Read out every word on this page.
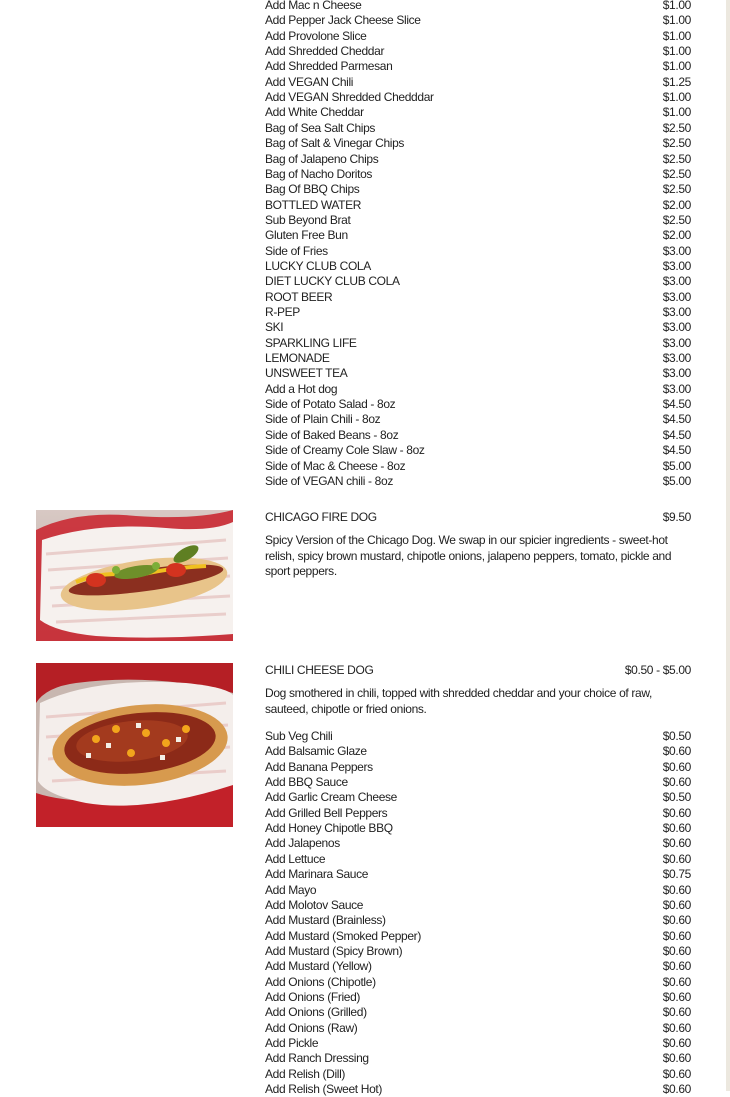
Add Mac n Cheese	$1.00
Add Pepper Jack Cheese Slice	$1.00
Add Provolone Slice	$1.00
Add Shredded Cheddar	$1.00
Add Shredded Parmesan	$1.00
Add VEGAN Chili	$1.25
Add VEGAN Shredded Chedddar	$1.00
Add White Cheddar	$1.00
Bag of Sea Salt Chips	$2.50
Bag of Salt & Vinegar Chips	$2.50
Bag of Jalapeno Chips	$2.50
Bag of Nacho Doritos	$2.50
Bag Of BBQ Chips	$2.50
BOTTLED WATER	$2.00
Sub Beyond Brat	$2.50
Gluten Free Bun	$2.00
Side of Fries	$3.00
LUCKY CLUB COLA	$3.00
DIET LUCKY CLUB COLA	$3.00
ROOT BEER	$3.00
R-PEP	$3.00
SKI	$3.00
SPARKLING LIFE	$3.00
LEMONADE	$3.00
UNSWEET TEA	$3.00
Add a Hot dog	$3.00
Side of Potato Salad - 8oz	$4.50
Side of Plain Chili - 8oz	$4.50
Side of Baked Beans - 8oz	$4.50
Side of Creamy Cole Slaw - 8oz	$4.50
Side of Mac & Cheese - 8oz	$5.00
Side of VEGAN chili - 8oz	$5.00
CHICAGO FIRE DOG	$9.50
Spicy Version of the Chicago Dog. We swap in our spicier ingredients - sweet-hot relish, spicy brown mustard, chipotle onions, jalapeno peppers, tomato, pickle and sport peppers.
CHILI CHEESE DOG	$0.50 - $5.00
Dog smothered in chili, topped with shredded cheddar and your choice of raw, sauteed, chipotle or fried onions.
Sub Veg Chili	$0.50
Add Balsamic Glaze	$0.60
Add Banana Peppers	$0.60
Add BBQ Sauce	$0.60
Add Garlic Cream Cheese	$0.50
Add Grilled Bell Peppers	$0.60
Add Honey Chipotle BBQ	$0.60
Add Jalapenos	$0.60
Add Lettuce	$0.60
Add Marinara Sauce	$0.75
Add Mayo	$0.60
Add Molotov Sauce	$0.60
Add Mustard (Brainless)	$0.60
Add Mustard (Smoked Pepper)	$0.60
Add Mustard (Spicy Brown)	$0.60
Add Mustard (Yellow)	$0.60
Add Onions (Chipotle)	$0.60
Add Onions (Fried)	$0.60
Add Onions (Grilled)	$0.60
Add Onions (Raw)	$0.60
Add Pickle	$0.60
Add Ranch Dressing	$0.60
Add Relish (Dill)	$0.60
Add Relish (Sweet Hot)	$0.60
